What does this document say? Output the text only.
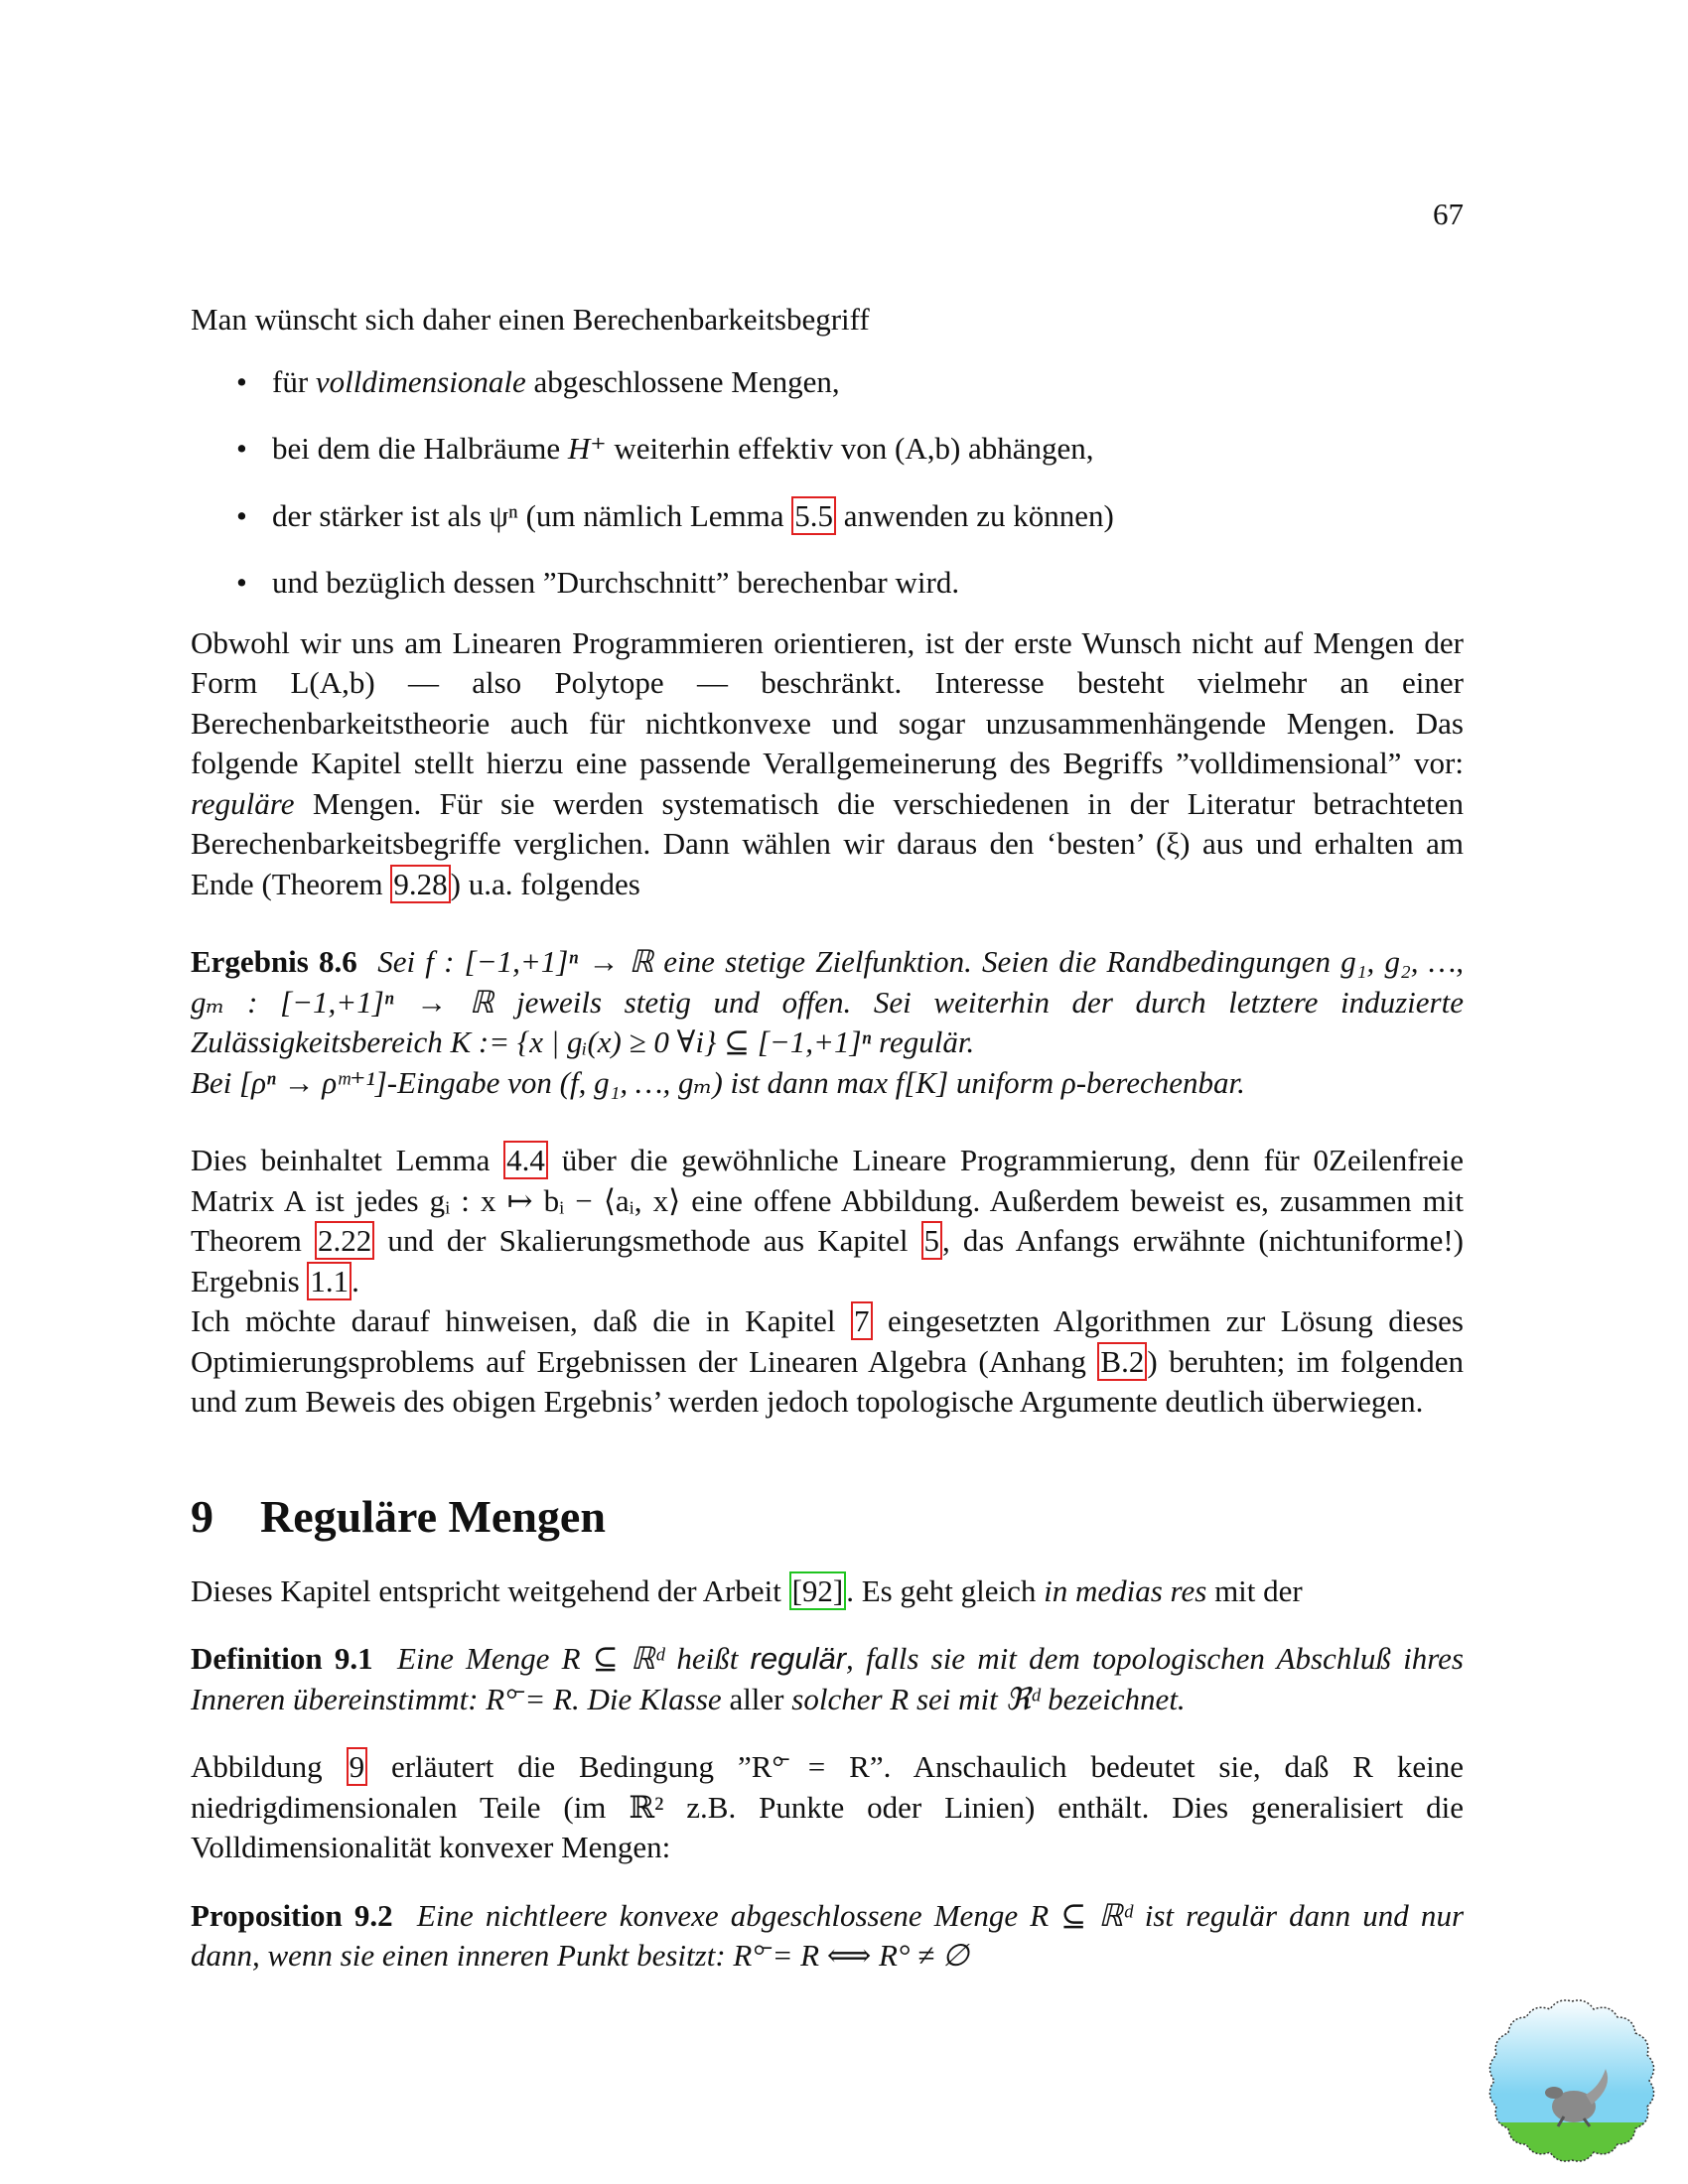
67

Man wünscht sich daher einen Berechenbarkeitsbegriff

• für volldimensionale abgeschlossene Mengen,
• bei dem die Halbräume H⁺ weiterhin effektiv von (A,b) abhängen,
• der stärker ist als ψⁿ (um nämlich Lemma 5.5 anwenden zu können)
• und bezüglich dessen ”Durchschnitt” berechenbar wird.

Obwohl wir uns am Linearen Programmieren orientieren, ist der erste Wunsch nicht auf Mengen der Form L(A,b) — also Polytope — beschränkt. Interesse besteht vielmehr an einer Berechenbarkeitstheorie auch für nichtkonvexe und sogar unzusammenhängende Mengen. Das folgende Kapitel stellt hierzu eine passende Verallgemeinerung des Begriffs ”volldimensional” vor: reguläre Mengen. Für sie werden systematisch die verschiedenen in der Literatur betrachteten Berechenbarkeitsbegriffe verglichen. Dann wählen wir daraus den ‘besten’ (ξ) aus und erhalten am Ende (Theorem 9.28) u.a. folgendes

Ergebnis 8.6 Sei f : [−1,+1]ⁿ → ℝ eine stetige Zielfunktion. Seien die Randbedingungen g₁, g₂, …, gₘ : [−1,+1]ⁿ → ℝ jeweils stetig und offen. Sei weiterhin der durch letztere induzierte Zulässigkeitsbereich K := {x | gᵢ(x) ≥ 0 ∀i} ⊆ [−1,+1]ⁿ regulär.
Bei [ρⁿ → ρᵐ⁺¹]-Eingabe von (f, g₁, …, gₘ) ist dann max f[K] uniform ρ-berechenbar.

Dies beinhaltet Lemma 4.4 über die gewöhnliche Lineare Programmierung, denn für 0Zeilenfreie Matrix A ist jedes gᵢ : x ↦ bᵢ − ⟨aᵢ, x⟩ eine offene Abbildung. Außerdem beweist es, zusammen mit Theorem 2.22 und der Skalierungsmethode aus Kapitel 5, das Anfangs erwähnte (nichtuniforme!) Ergebnis 1.1.

Ich möchte darauf hinweisen, daß die in Kapitel 7 eingesetzten Algorithmen zur Lösung dieses Optimierungsproblems auf Ergebnissen der Linearen Algebra (Anhang B.2) beruhten; im folgenden und zum Beweis des obigen Ergebnis’ werden jedoch topologische Argumente deutlich überwiegen.

9 Reguläre Mengen

Dieses Kapitel entspricht weitgehend der Arbeit [92]. Es geht gleich in medias res mit der

Definition 9.1 Eine Menge R ⊆ ℝᵈ heißt regulär, falls sie mit dem topologischen Abschluß ihres Inneren übereinstimmt: R°̄ = R. Die Klasse aller solcher R sei mit ℜᵈ bezeichnet.

Abbildung 9 erläutert die Bedingung ”R°̄ = R”. Anschaulich bedeutet sie, daß R keine niedrigdimensionalen Teile (im ℝ² z.B. Punkte oder Linien) enthält. Dies generalisiert die Volldimensionalität konvexer Mengen:

Proposition 9.2 Eine nichtleere konvexe abgeschlossene Menge R ⊆ ℝᵈ ist regulär dann und nur dann, wenn sie einen inneren Punkt besitzt: R°̄ = R ⟺ R° ≠ ∅
